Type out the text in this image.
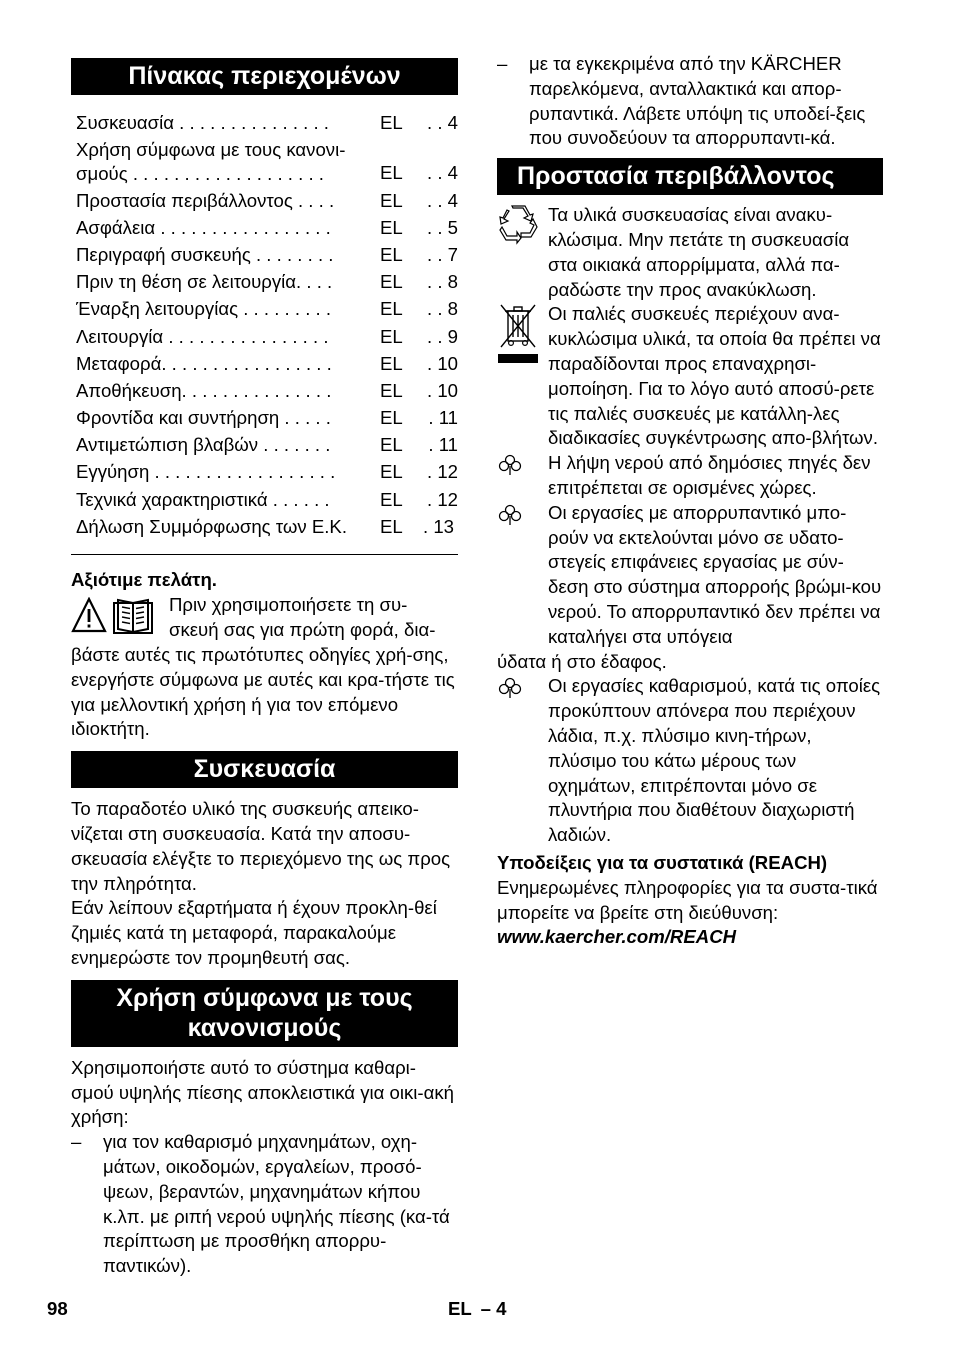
Πίνακας περιεχομένων
Συσκευασία . . . . . . . . . . . . . . .	EL	. . 4
Χρήση σύμφωνα με τους κανονι-
σμούς . . . . . . . . . . . . . . . . . . .	EL	. . 4
Προστασία περιβάλλοντος . . . .	EL	. . 4
Ασφάλεια . . . . . . . . . . . . . . . . .	EL	. . 5
Περιγραφή συσκευής . . . . . . . .	EL	. . 7
Πριν τη θέση σε λειτουργία. . . .	EL	. . 8
Έναρξη λειτουργίας . . . . . . . . .	EL	. . 8
Λειτουργία . . . . . . . . . . . . . . . .	EL	. . 9
Μεταφορά. . . . . . . . . . . . . . . . .	EL	. 10
Αποθήκευση. . . . . . . . . . . . . . .	EL	. 10
Φροντίδα και συντήρηση . . . . .	EL	. 11
Αντιμετώπιση βλαβών . . . . . . .	EL	. 11
Εγγύηση . . . . . . . . . . . . . . . . . .	EL	. 12
Τεχνικά χαρακτηριστικά . . . . . .	EL	. 12
Δήλωση Συμμόρφωσης των Ε.Κ.	EL	. 13

Αξιότιμε πελάτη.

Πριν χρησιμοποιήσετε τη συ-
σκευή σας για πρώτη φορά, δια-

βάστε αυτές τις πρωτότυπες οδηγίες χρή-σης, ενεργήστε σύμφωνα με αυτές και κρα-τήστε τις για μελλοντική χρήση ή για τον επόμενο ιδιοκτήτη.

Συσκευασία

Το παραδοτέο υλικό της συσκευής απεικο-νίζεται στη συσκευασία. Κατά την αποσυ-σκευασία ελέγξτε το περιεχόμενο της ως προς την πληρότητα.

Εάν λείπουν εξαρτήματα ή έχουν προκλη-θεί ζημιές κατά τη μεταφορά, παρακαλούμε ενημερώστε τον προμηθευτή σας.

Χρήση σύμφωνα με τους
κανονισμούς

Χρησιμοποιήστε αυτό το σύστημα καθαρι-σμού υψηλής πίεσης αποκλειστικά για οικι-ακή χρήση:

–	για τον καθαρισμό μηχανημάτων, οχη-μάτων, οικοδομών, εργαλείων, προσό-ψεων, βεραντών, μηχανημάτων κήπου κ.λπ. με ριπή νερού υψηλής πίεσης (κα-τά περίπτωση με προσθήκη απορρυ-παντικών).
–	με τα εγκεκριμένα από την KÄRCHER παρελκόμενα, ανταλλακτικά και απορ-ρυπαντικά. Λάβετε υπόψη τις υποδεί-ξεις που συνοδεύουν τα απορρυπαντι-κά.
Προστασία περιβάλλοντος
Τα υλικά συσκευασίας είναι ανακυ-κλώσιμα. Μην πετάτε τη συσκευασία στα οικιακά απορρίμματα, αλλά πα-ραδώστε την προς ανακύκλωση.
Οι παλιές συσκευές περιέχουν ανα-κυκλώσιμα υλικά, τα οποία θα πρέπει να παραδίδονται προς επαναχρησι-μοποίηση. Για το λόγο αυτό αποσύ-ρετε τις παλιές συσκευές με κατάλλη-λες διαδικασίες συγκέντρωσης απο-βλήτων.
Η λήψη νερού από δημόσιες πηγές δεν επιτρέπεται σε ορισμένες χώρες.
Οι εργασίες με απορρυπαντικό μπο-ρούν να εκτελούνται μόνο σε υδατο-στεγείς επιφάνειες εργασίας με σύν-δεση στο σύστημα απορροής βρώμι-κου νερού. Το απορρυπαντικό δεν πρέπει να καταλήγει στα υπόγεια

ύδατα ή στο έδαφος.

Οι εργασίες καθαρισμού, κατά τις οποίες προκύπτουν απόνερα που περιέχουν λάδια, π.χ. πλύσιμο κινη-τήρων, πλύσιμο του κάτω μέρους των οχημάτων, επιτρέπονται μόνο σε πλυντήρια που διαθέτουν διαχωριστή λαδιών.

Υποδείξεις για τα συστατικά (REACH)

Ενημερωμένες πληροφορίες για τα συστα-τικά μπορείτε να βρείτε στη διεύθυνση:

www.kaercher.com/REACH

98	EL – 4
